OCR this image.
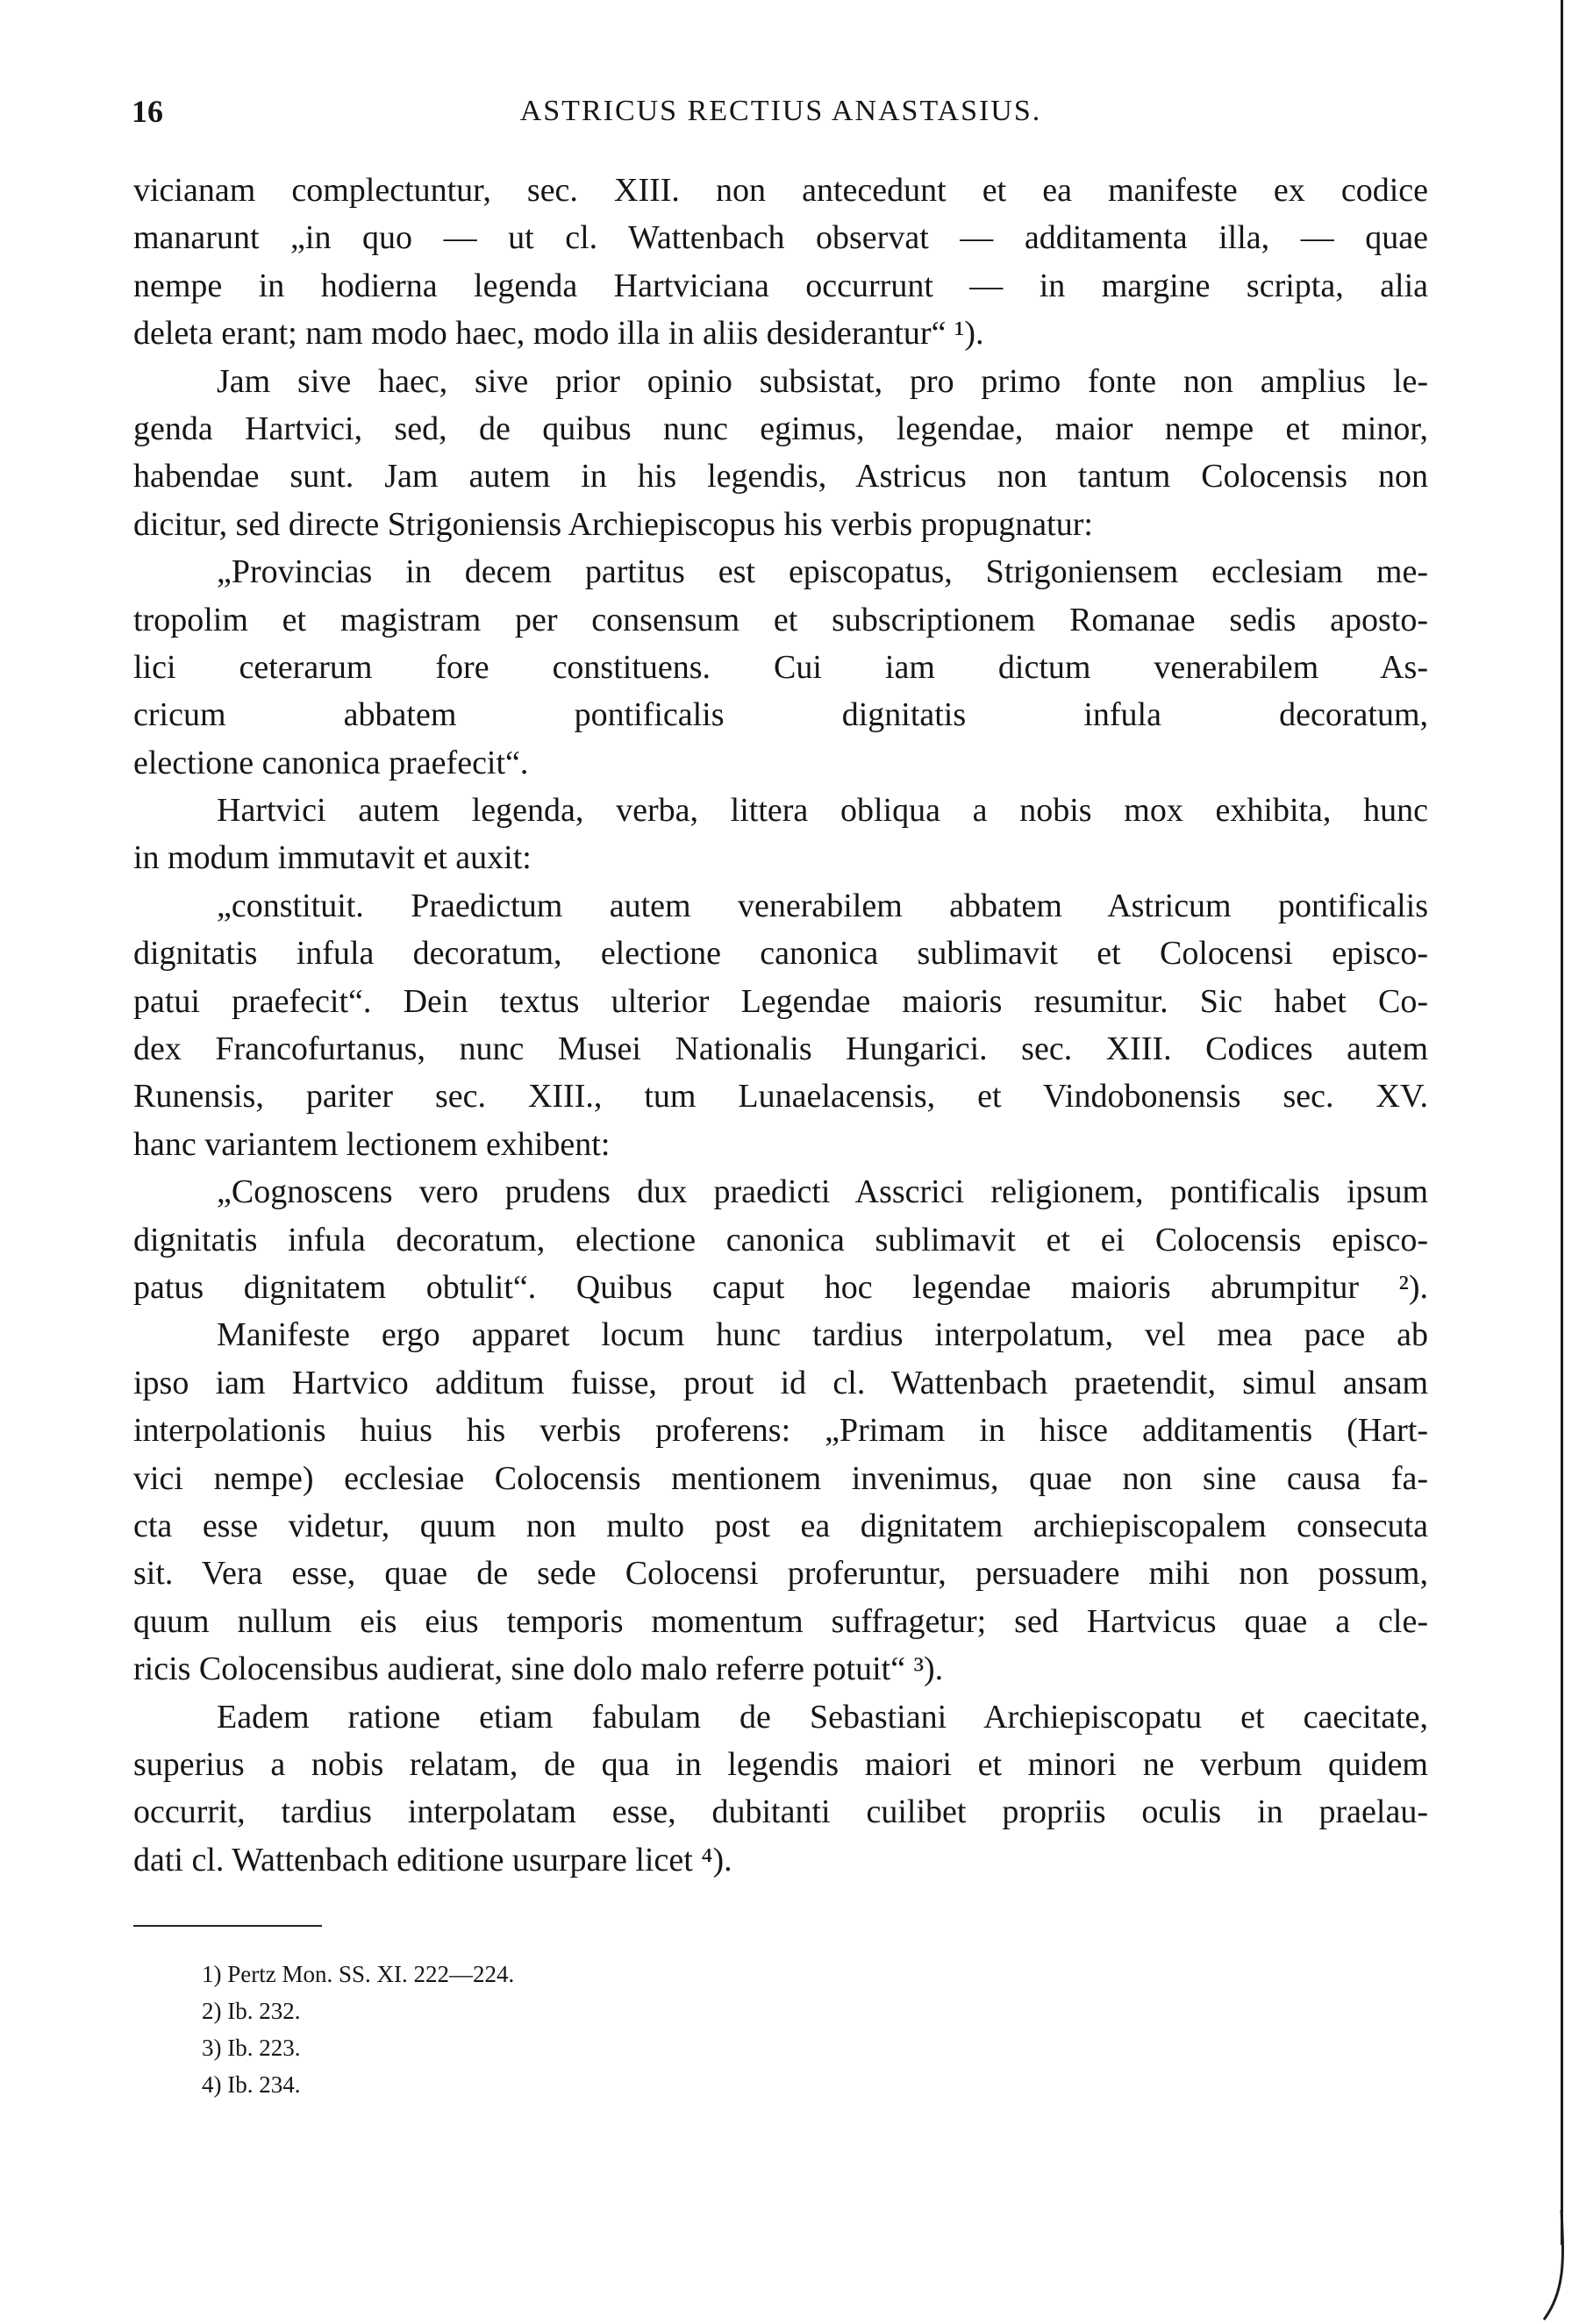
16	ASTRICUS RECTIUS ANASTASIUS.
vicianam complectuntur, sec. XIII. non antecedunt et ea manifeste ex codice
manarunt „in quo — ut cl. Wattenbach observat — additamenta illa, — quae
nempe in hodierna legenda Hartviciana occurrunt — in margine scripta, alia
deleta erant; nam modo haec, modo illa in aliis desiderantur“ ¹).
Jam sive haec, sive prior opinio subsistat, pro primo fonte non amplius le-
genda Hartvici, sed, de quibus nunc egimus, legendae, maior nempe et minor,
habendae sunt. Jam autem in his legendis, Astricus non tantum Colocensis non
dicitur, sed directe Strigoniensis Archiepiscopus his verbis propugnatur:
„Provincias in decem partitus est episcopatus, Strigoniensem ecclesiam me-
tropolim et magistram per consensum et subscriptionem Romanae sedis aposto-
lici ceterarum fore constituens. Cui iam dictum venerabilem As-
cricum abbatem pontificalis dignitatis infula decoratum,
electione canonica praefecit“.
Hartvici autem legenda, verba, littera obliqua a nobis mox exhibita, hunc
in modum immutavit et auxit:
„constituit. Praedictum autem venerabilem abbatem Astricum pontificalis
dignitatis infula decoratum, electione canonica sublimavit et Colocensi episco-
patui praefecit“. Dein textus ulterior Legendae maioris resumitur. Sic habet Co-
dex Francofurtanus, nunc Musei Nationalis Hungarici. sec. XIII. Codices autem
Runensis, pariter sec. XIII., tum Lunaelacensis, et Vindobonensis sec. XV.
hanc variantem lectionem exhibent:
„Cognoscens vero prudens dux praedicti Asscrici religionem, pontificalis ipsum
dignitatis infula decoratum, electione canonica sublimavit et ei Colocensis episco-
patus dignitatem obtulit“. Quibus caput hoc legendae maioris abrumpitur ²).
Manifeste ergo apparet locum hunc tardius interpolatum, vel mea pace ab
ipso iam Hartvico additum fuisse, prout id cl. Wattenbach praetendit, simul ansam
interpolationis huius his verbis proferens: „Primam in hisce additamentis (Hart-
vici nempe) ecclesiae Colocensis mentionem invenimus, quae non sine causa fa-
cta esse videtur, quum non multo post ea dignitatem archiepiscopalem consecuta
sit. Vera esse, quae de sede Colocensi proferuntur, persuadere mihi non possum,
quum nullum eis eius temporis momentum suffragetur; sed Hartvicus quae a cle-
ricis Colocensibus audierat, sine dolo malo referre potuit“ ³).
Eadem ratione etiam fabulam de Sebastiani Archiepiscopatu et caecitate,
superius a nobis relatam, de qua in legendis maiori et minori ne verbum quidem
occurrit, tardius interpolatam esse, dubitanti cuilibet propriis oculis in praelau-
dati cl. Wattenbach editione usurpare licet ⁴).
1) Pertz Mon. SS. XI. 222—224.
2) Ib. 232.
3) Ib. 223.
4) Ib. 234.
